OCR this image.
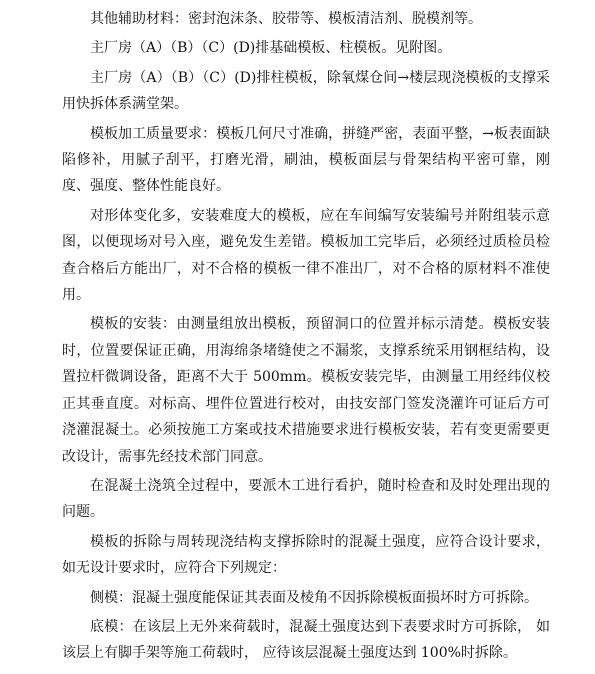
其他辅助材料：密封泡沫条、胶带等、模板清洁剂、脱模剂等。

主厂房（A）（B）（C）(D)排基础模板、柱模板。见附图。

主厂房（A）（B）（C）(D)排柱模板，除氧煤仓间→楼层现浇模板的支撑采用快拆体系满堂架。

模板加工质量要求：模板几何尺寸准确，拼缝严密，表面平整，→板表面缺陷修补，用腻子刮平，打磨光滑，刷油，模板面层与骨架结构平密可靠，刚度、强度、整体性能良好。

对形体变化多，安装难度大的模板，应在车间编写安装编号并附组装示意图，以便现场对号入座，避免发生差错。模板加工完毕后，必须经过质检员检查合格后方能出厂，对不合格的模板一律不准出厂，对不合格的原材料不准使用。

模板的安装：由测量组放出模板，预留洞口的位置并标示清楚。模板安装时，位置要保证正确，用海绵条堵缝使之不漏浆，支撑系统采用钢框结构，设置拉杆微调设备，距离不大于 500mm。模板安装完毕，由测量工用经纬仪校正其垂直度。对标高、埋件位置进行校对，由技安部门签发浇灌许可证后方可浇灌混凝土。必须按施工方案或技术措施要求进行模板安装，若有变更需要更改设计，需事先经技术部门同意。

在混凝土浇筑全过程中，要派木工进行看护，随时检查和及时处理出现的问题。

模板的拆除与周转现浇结构支撑拆除时的混凝土强度，应符合设计要求，如无设计要求时，应符合下列规定：

侧模：混凝土强度能保证其表面及棱角不因拆除模板面损坏时方可拆除。

底模：在该层上无外来荷载时，混凝土强度达到下表要求时方可拆除， 如该层上有脚手架等施工荷载时， 应待该层混凝土强度达到 100%时拆除。
